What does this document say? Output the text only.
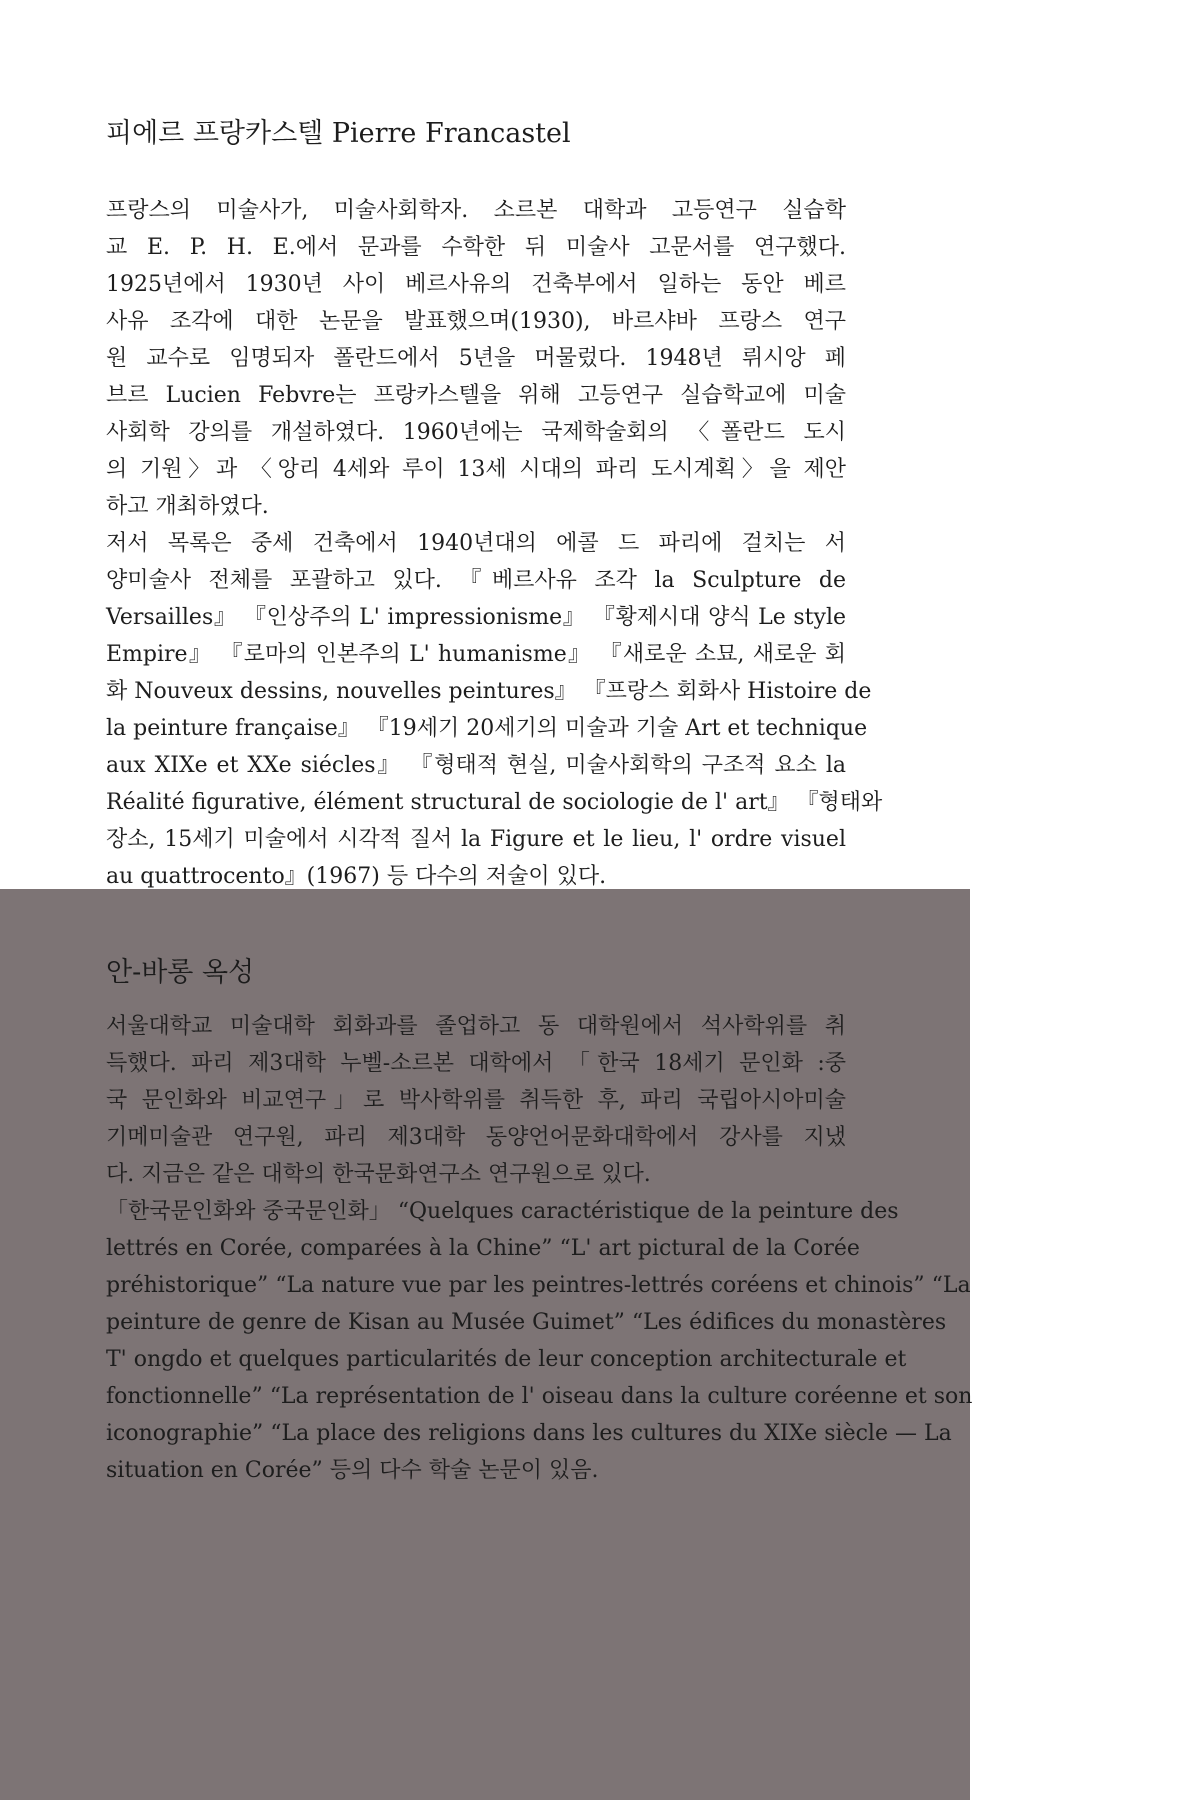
피에르 프랑카스텔 Pierre Francastel
프랑스의 미술사가, 미술사회학자. 소르본 대학과 고등연구 실습학
교 E. P. H. E.에서 문과를 수학한 뒤 미술사 고문서를 연구했다.
1925년에서 1930년 사이 베르사유의 건축부에서 일하는 동안 베르
사유 조각에 대한 논문을 발표했으며(1930), 바르샤바 프랑스 연구
원 교수로 임명되자 폴란드에서 5년을 머물렀다. 1948년 뤼시앙 페
브르 Lucien Febvre는 프랑카스텔을 위해 고등연구 실습학교에 미술
사회학 강의를 개설하였다. 1960년에는 국제학술회의 〈폴란드 도시
의 기원〉과 〈앙리 4세와 루이 13세 시대의 파리 도시계획〉을 제안
하고 개최하였다.
저서 목록은 중세 건축에서 1940년대의 에콜 드 파리에 걸치는 서
양미술사 전체를 포괄하고 있다. 『베르사유 조각 la Sculpture de
Versailles』 『인상주의 L' impressionisme』 『황제시대 양식 Le style
Empire』 『로마의 인본주의 L' humanisme』 『새로운 소묘, 새로운 회
화 Nouveux dessins, nouvelles peintures』 『프랑스 회화사 Histoire de
la peinture française』 『19세기 20세기의 미술과 기술 Art et technique
aux XIXe et XXe siécles』 『형태적 현실, 미술사회학의 구조적 요소 la
Réalité figurative, élément structural de sociologie de l' art』 『형태와
장소, 15세기 미술에서 시각적 질서 la Figure et le lieu, l' ordre visuel
au quattrocento』(1967) 등 다수의 저술이 있다.
안-바롱 옥성
서울대학교 미술대학 회화과를 졸업하고 동 대학원에서 석사학위를 취
득했다. 파리 제3대학 누벨-소르본 대학에서 「한국 18세기 문인화 :중
국 문인화와 비교연구」로 박사학위를 취득한 후, 파리 국립아시아미술
기메미술관 연구원, 파리 제3대학 동양언어문화대학에서 강사를 지냈
다. 지금은 같은 대학의 한국문화연구소 연구원으로 있다.
「한국문인화와 중국문인화」 “Quelques caractéristique de la peinture des
lettrés en Corée, comparées à la Chine” “L' art pictural de la Corée
préhistorique” “La nature vue par les peintres-lettrés coréens et chinois” “La
peinture de genre de Kisan au Musée Guimet” “Les édifices du monastères
T' ongdo et quelques particularités de leur conception architecturale et
fonctionnelle” “La représentation de l' oiseau dans la culture coréenne et son
iconographie” “La place des religions dans les cultures du XIXe siècle — La
situation en Corée” 등의 다수 학술 논문이 있음.
